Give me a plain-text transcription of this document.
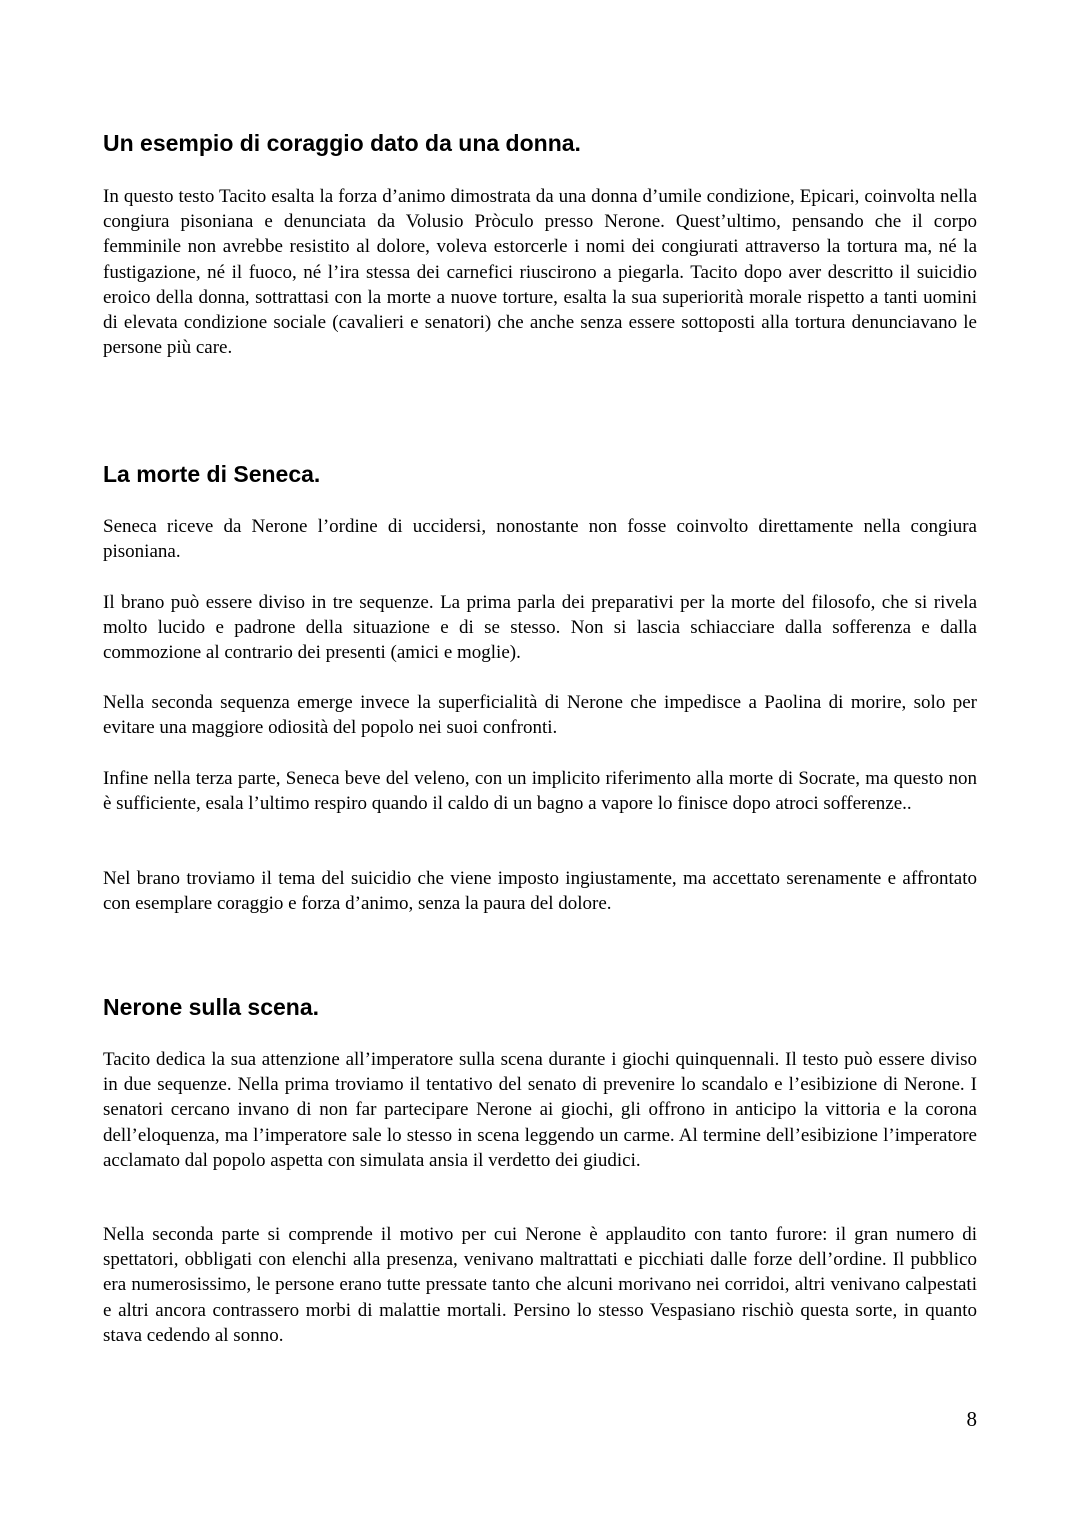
Un esempio di coraggio dato da una donna.

In questo testo Tacito esalta la forza d’animo dimostrata da una donna d’umile condizione, Epicari, coinvolta nella congiura pisoniana e denunciata da Volusio Pròculo presso Nerone. Quest’ultimo, pensando che il corpo femminile non avrebbe resistito al dolore, voleva estorcerle i nomi dei congiurati attraverso la tortura ma, né la fustigazione, né il fuoco, né l’ira stessa dei carnefici riuscirono a piegarla. Tacito dopo aver descritto il suicidio eroico della donna, sottrattasi con la morte a nuove torture, esalta la sua superiorità morale rispetto a tanti uomini di elevata condizione sociale (cavalieri e senatori) che anche senza essere sottoposti alla tortura denunciavano le persone più care.

La morte di Seneca.

Seneca riceve da Nerone l’ordine di uccidersi, nonostante non fosse coinvolto direttamente nella congiura pisoniana.

Il brano può essere diviso in tre sequenze. La prima parla dei preparativi per la morte del filosofo, che si rivela molto lucido e padrone della situazione e di se stesso. Non si lascia schiacciare dalla sofferenza e dalla commozione al contrario dei presenti (amici e moglie).

Nella seconda sequenza emerge invece la superficialità di Nerone che impedisce a Paolina di morire, solo per evitare una maggiore odiosità del popolo nei suoi confronti.

Infine nella terza parte, Seneca beve del veleno, con un implicito riferimento alla morte di Socrate, ma questo non è sufficiente, esala l’ultimo respiro quando il caldo di un bagno a vapore lo finisce dopo atroci sofferenze..

Nel brano troviamo il tema del suicidio che viene imposto ingiustamente, ma accettato serenamente e affrontato con esemplare coraggio e forza d’animo, senza la paura del dolore.

Nerone sulla scena.

Tacito dedica la sua attenzione all’imperatore sulla scena durante i giochi quinquennali. Il testo può essere diviso in due sequenze. Nella prima troviamo il tentativo del senato di prevenire lo scandalo e l’esibizione di Nerone. I senatori cercano invano di non far partecipare Nerone ai giochi, gli offrono in anticipo la vittoria e la corona dell’eloquenza, ma l’imperatore sale lo stesso in scena leggendo un carme. Al termine dell’esibizione l’imperatore acclamato dal popolo aspetta con simulata ansia il verdetto dei giudici.

Nella seconda parte si comprende il motivo per cui Nerone è applaudito con tanto furore: il gran numero di spettatori, obbligati con elenchi alla presenza, venivano maltrattati e picchiati dalle forze dell’ordine. Il pubblico era numerosissimo, le persone erano tutte pressate tanto che alcuni morivano nei corridoi, altri venivano calpestati e altri ancora contrassero morbi di malattie mortali. Persino lo stesso Vespasiano rischiò questa sorte, in quanto stava cedendo al sonno.

8
